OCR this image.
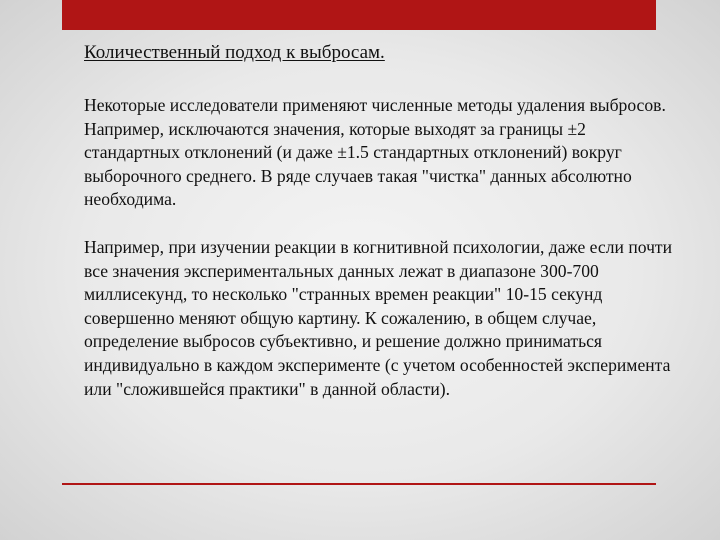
Количественный подход к выбросам.

Некоторые исследователи применяют численные методы удаления выбросов. Например, исключаются значения, которые выходят за границы ±2 стандартных отклонений (и даже ±1.5 стандартных отклонений) вокруг выборочного среднего. В ряде случаев такая "чистка" данных абсолютно необходима.

Например, при изучении реакции в когнитивной психологии, даже если почти все значения экспериментальных данных лежат в диапазоне 300-700 миллисекунд, то несколько "странных времен реакции" 10-15 секунд совершенно меняют общую картину. К сожалению, в общем случае, определение выбросов субъективно, и решение должно приниматься индивидуально в каждом эксперименте (с учетом особенностей эксперимента или "сложившейся практики" в данной области).
